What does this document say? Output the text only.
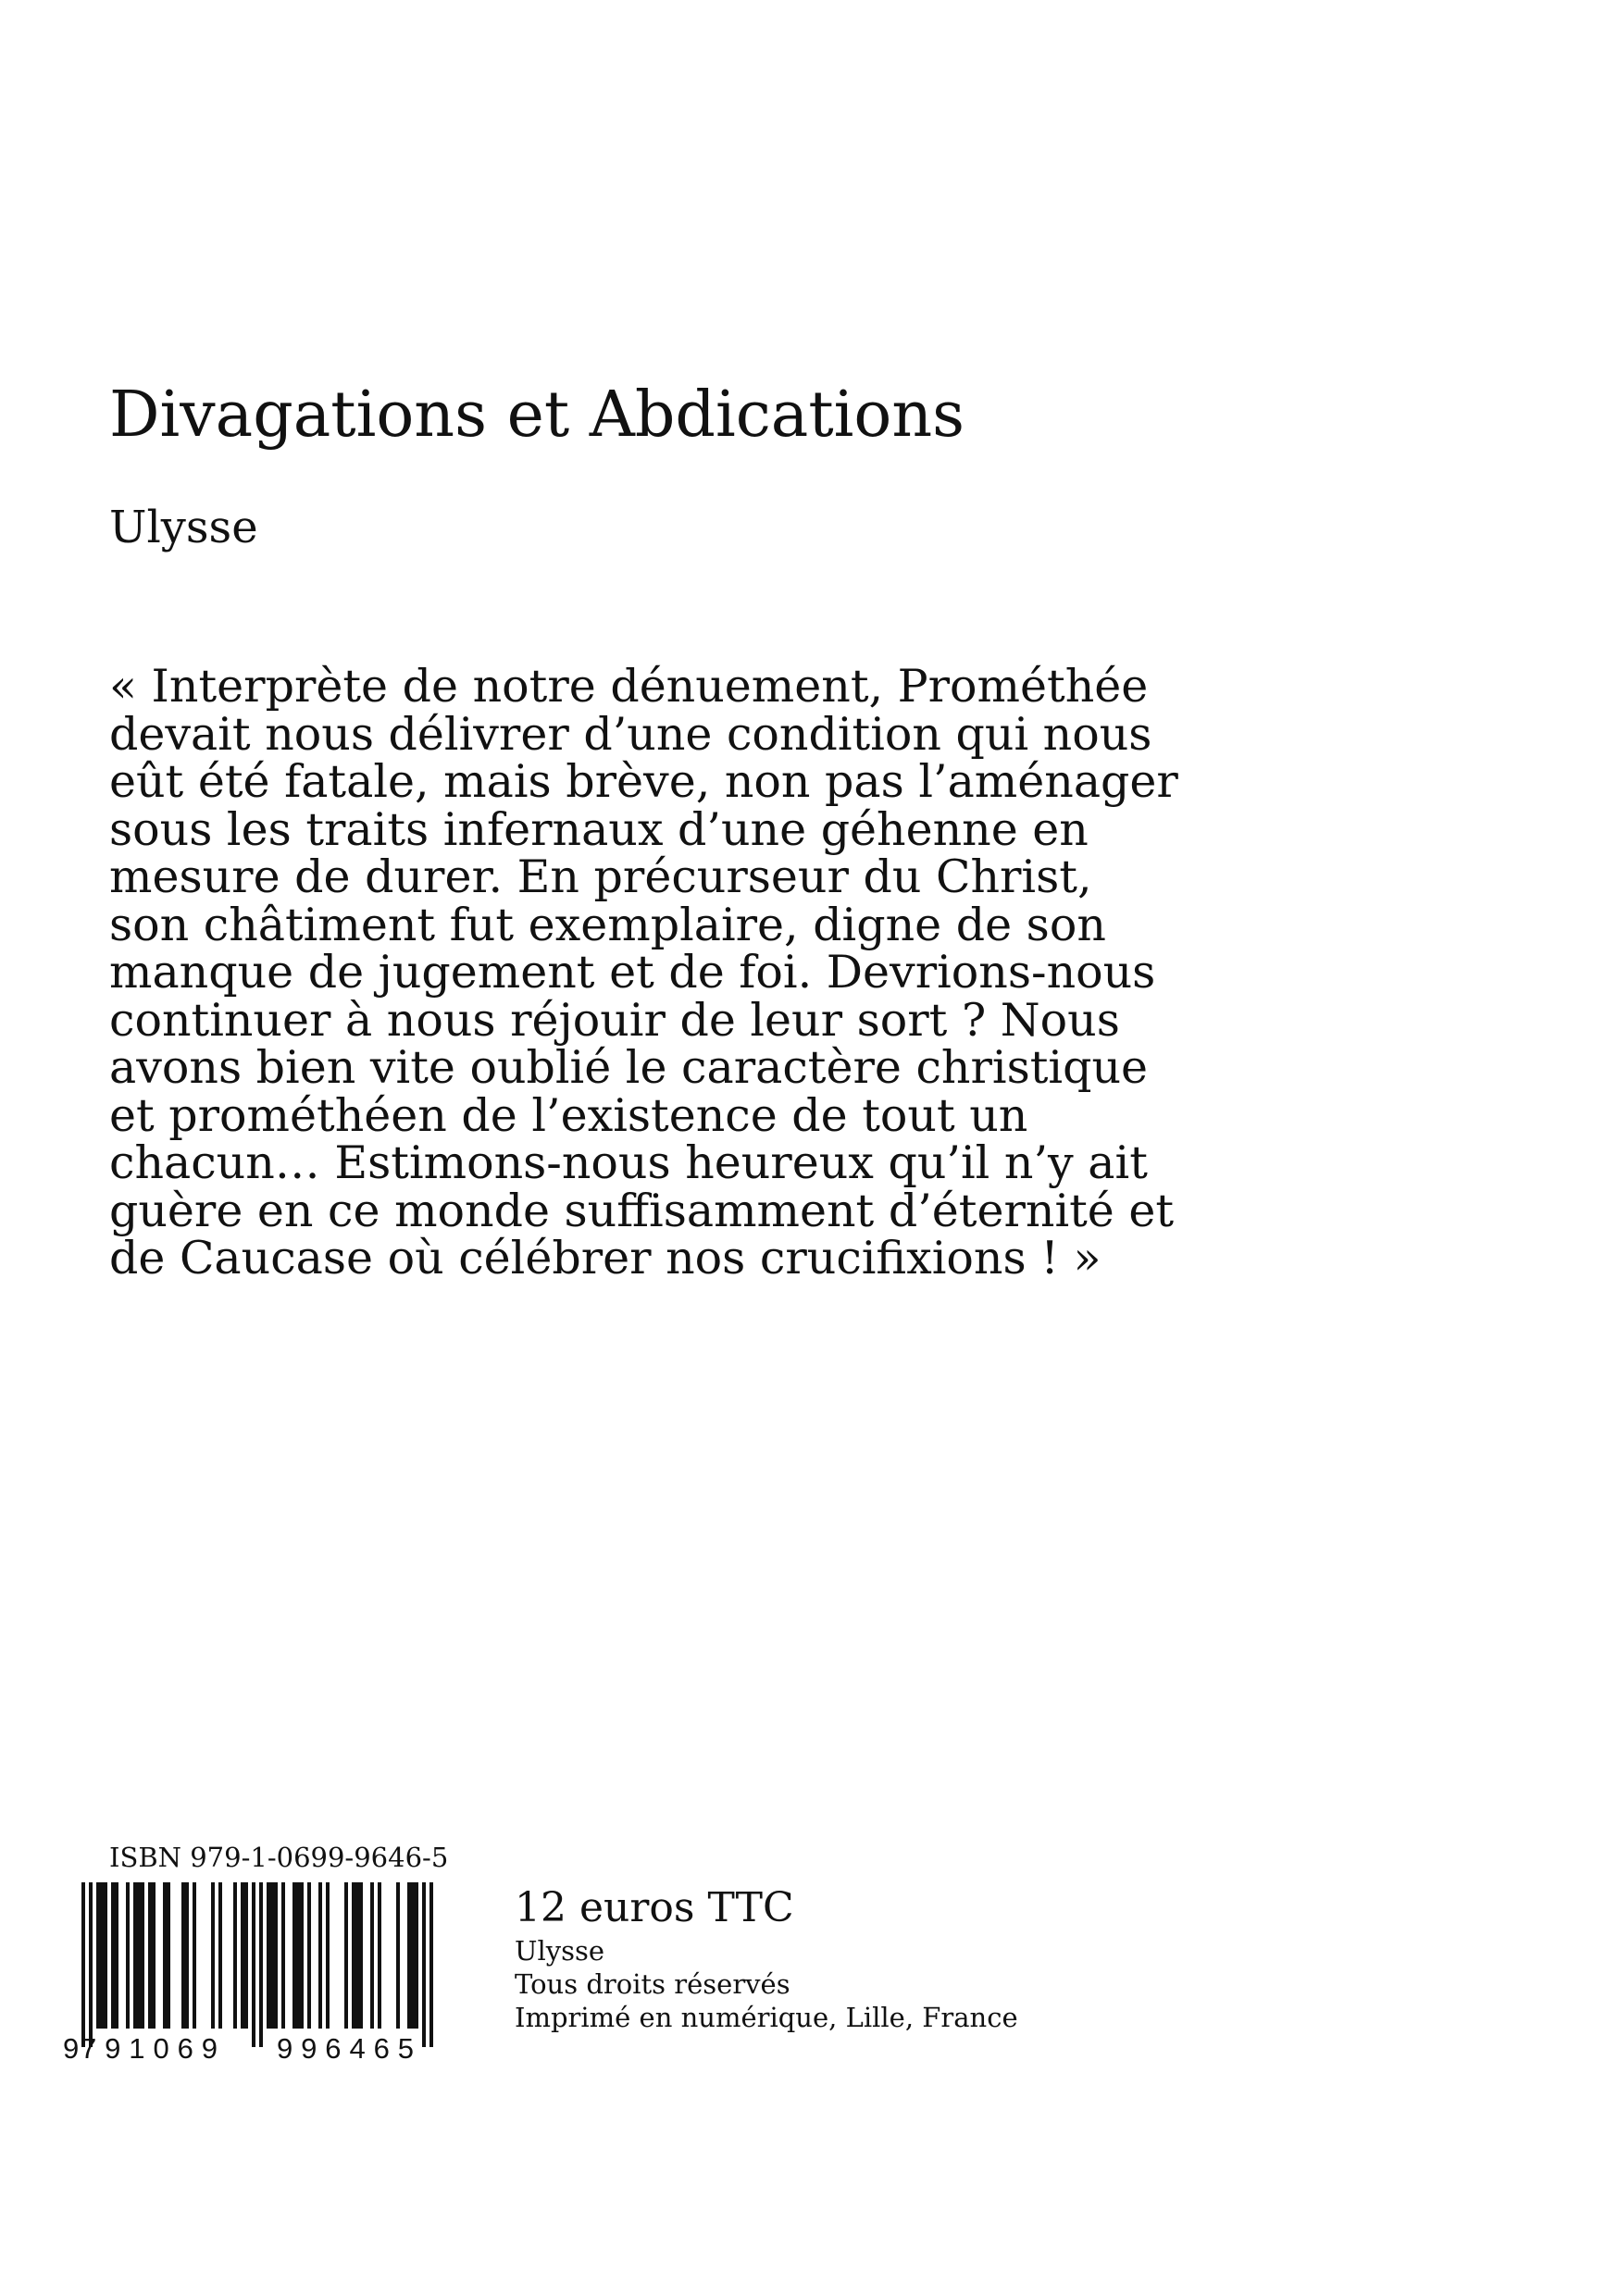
Divagations et Abdications
Ulysse
« Interprète de notre dénuement, Prométhée
devait nous délivrer d’une condition qui nous
eût été fatale, mais brève, non pas l’aménager
sous les traits infernaux d’une géhenne en
mesure de durer. En précurseur du Christ,
son châtiment fut exemplaire, digne de son
manque de jugement et de foi. Devrions-nous
continuer à nous réjouir de leur sort ? Nous
avons bien vite oublié le caractère christique
et prométhéen de l’existence de tout un
chacun… Estimons-nous heureux qu’il n’y ait
guère en ce monde suffisamment d’éternité et
de Caucase où célébrer nos crucifixions ! »
ISBN 979-1-0699-9646-5
9 791069 996465
12 euros TTC
Ulysse
Tous droits réservés
Imprimé en numérique, Lille, France
